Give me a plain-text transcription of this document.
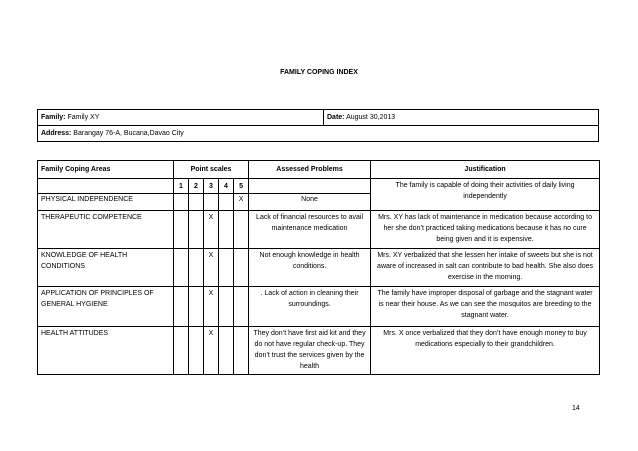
FAMILY COPING INDEX
Family: Family XY	Date: August 30,2013
Address: Barangay 76-A, Bucana,Davao City
Family Coping Areas	Point scales					Assessed Problems	Justification
	1	2	3	4	5		The family is capable of doing their activities of daily living independently
PHYSICAL INDEPENDENCE					X	None	
THERAPEUTIC COMPETENCE			X			Lack of financial resources to avail maintenance medication	Mrs. XY has lack of maintenance in medication because according to her she don’t practiced taking medications because it has no cure being given and it is expensive.
KNOWLEDGE OF HEALTH CONDITIONS			X			Not enough knowledge in health conditions.	Mrs. XY verbalized that she lessen her intake of sweets but she is not aware of increased in salt can contribute to bad health. She also does exercise in the morning.
APPLICATION OF PRINCIPLES OF GENERAL HYGIENE			X			. Lack of action in cleaning their surroundings.	The family have improper disposal of garbage and the stagnant water is near their house. As we can see the mosquitos are breeding to the stagnant water.
HEALTH ATTITUDES			X			They don’t have first aid kit and they do not have regular check-up. They don’t trust the services given by the health	Mrs. X once verbalized that they don’t have enough money to buy medications especially to their grandchildren.
14
